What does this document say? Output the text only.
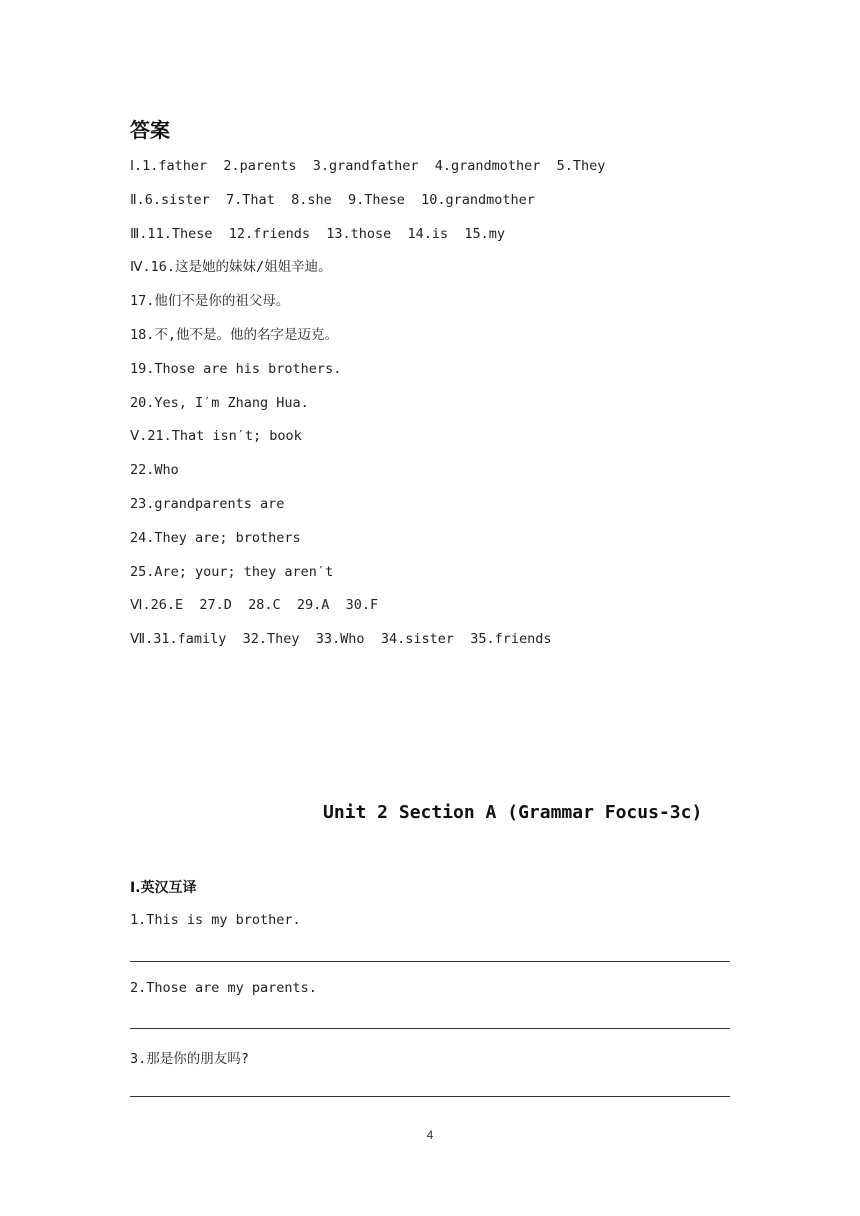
答案
Ⅰ.1.father  2.parents  3.grandfather  4.grandmother  5.They
Ⅱ.6.sister  7.That  8.she  9.These  10.grandmother
Ⅲ.11.These  12.friends  13.those  14.is  15.my
Ⅳ.16.这是她的妹妹/姐姐辛迪。
17.他们不是你的祖父母。
18.不,他不是。他的名字是迈克。
19.Those are his brothers.
20.Yes, I′m Zhang Hua.
Ⅴ.21.That isn′t; book
22.Who
23.grandparents are
24.They are; brothers
25.Are; your; they aren′t
Ⅵ.26.E  27.D  28.C  29.A  30.F
Ⅶ.31.family  32.They  33.Who  34.sister  35.friends
Unit 2 Section A (Grammar Focus-3c)
Ⅰ.英汉互译
1.This is my brother.
2.Those are my parents.
3.那是你的朋友吗?
4
